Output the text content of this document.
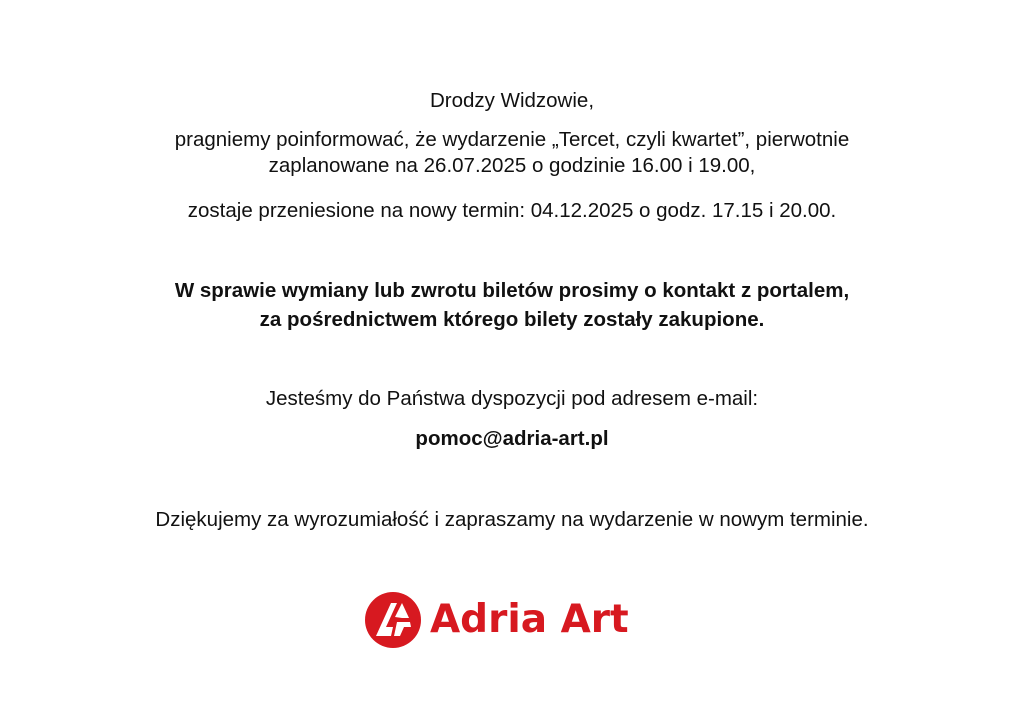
Drodzy Widzowie,
pragniemy poinformować, że wydarzenie „Tercet, czyli kwartet”, pierwotnie
zaplanowane na 26.07.2025 o godzinie 16.00 i 19.00,
zostaje przeniesione na nowy termin: 04.12.2025 o godz. 17.15 i 20.00.
W sprawie wymiany lub zwrotu biletów prosimy o kontakt z portalem,
za pośrednictwem którego bilety zostały zakupione.
Jesteśmy do Państwa dyspozycji pod adresem e-mail:
pomoc@adria-art.pl
Dziękujemy za wyrozumiałość i zapraszamy na wydarzenie w nowym terminie.
Adria Art
